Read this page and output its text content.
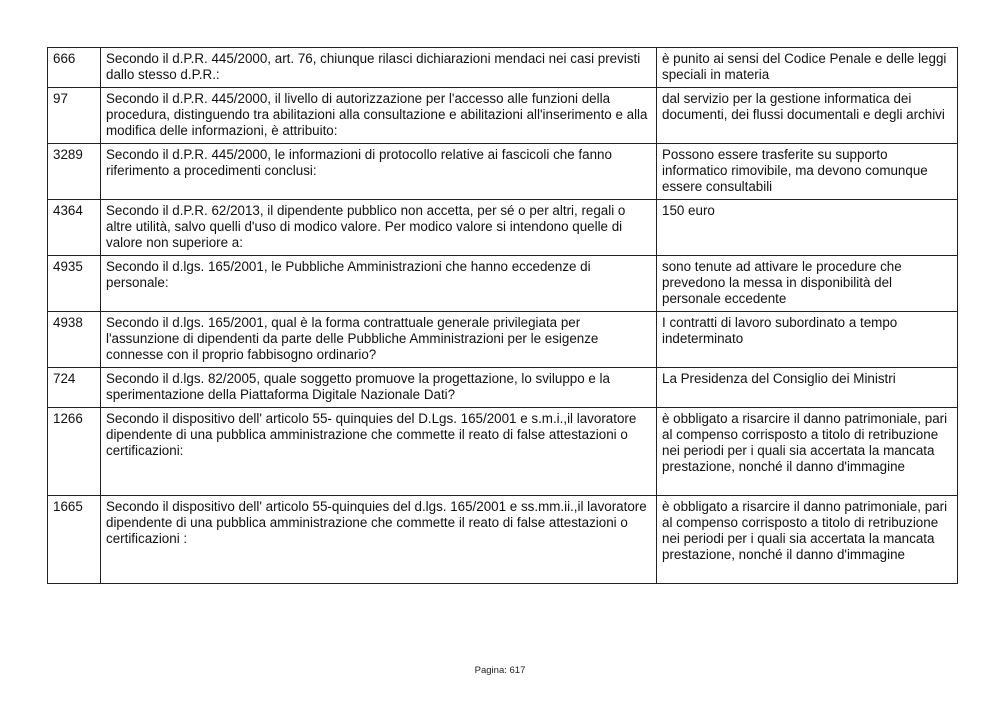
666	Secondo il d.P.R. 445/2000, art. 76, chiunque rilasci dichiarazioni mendaci nei casi previsti dallo stesso d.P.R.:	è punito ai sensi del Codice Penale e delle leggi speciali in materia
97	Secondo il d.P.R. 445/2000, il livello di autorizzazione per l'accesso alle funzioni della procedura, distinguendo tra abilitazioni alla consultazione e abilitazioni all'inserimento e alla modifica delle informazioni, è attribuito:	dal servizio per la gestione informatica dei documenti, dei flussi documentali e degli archivi
3289	Secondo il d.P.R. 445/2000, le informazioni di protocollo relative ai fascicoli che fanno riferimento a procedimenti conclusi:	Possono essere trasferite su supporto informatico rimovibile, ma devono comunque essere consultabili
4364	Secondo il d.P.R. 62/2013, il dipendente pubblico non accetta, per sé o per altri, regali o altre utilità, salvo quelli d'uso di modico valore. Per modico valore si intendono quelle di valore non superiore a:	150 euro
4935	Secondo il d.lgs. 165/2001, le Pubbliche Amministrazioni che hanno eccedenze di personale:	sono tenute ad attivare le procedure che prevedono la messa in disponibilità del personale eccedente
4938	Secondo il d.lgs. 165/2001, qual è la forma contrattuale generale privilegiata per l'assunzione di dipendenti da parte delle Pubbliche Amministrazioni per le esigenze connesse con il proprio fabbisogno ordinario?	I contratti di lavoro subordinato a tempo indeterminato
724	Secondo il d.lgs. 82/2005, quale soggetto promuove la progettazione, lo sviluppo e la sperimentazione della Piattaforma Digitale Nazionale Dati?	La Presidenza del Consiglio dei Ministri
1266	Secondo il dispositivo dell' articolo 55- quinquies del D.Lgs. 165/2001 e s.m.i.,il lavoratore dipendente di una pubblica amministrazione che commette il reato di false attestazioni o certificazioni:	è obbligato a risarcire il danno patrimoniale, pari al compenso corrisposto a titolo di retribuzione nei periodi per i quali sia accertata la mancata prestazione, nonché il danno d'immagine
1665	Secondo il dispositivo dell' articolo 55-quinquies del d.lgs. 165/2001 e ss.mm.ii.,il lavoratore dipendente di una pubblica amministrazione che commette il reato di false attestazioni o certificazioni :	è obbligato a risarcire il danno patrimoniale, pari al compenso corrisposto a titolo di retribuzione nei periodi per i quali sia accertata la mancata prestazione, nonché il danno d'immagine
Pagina: 617
